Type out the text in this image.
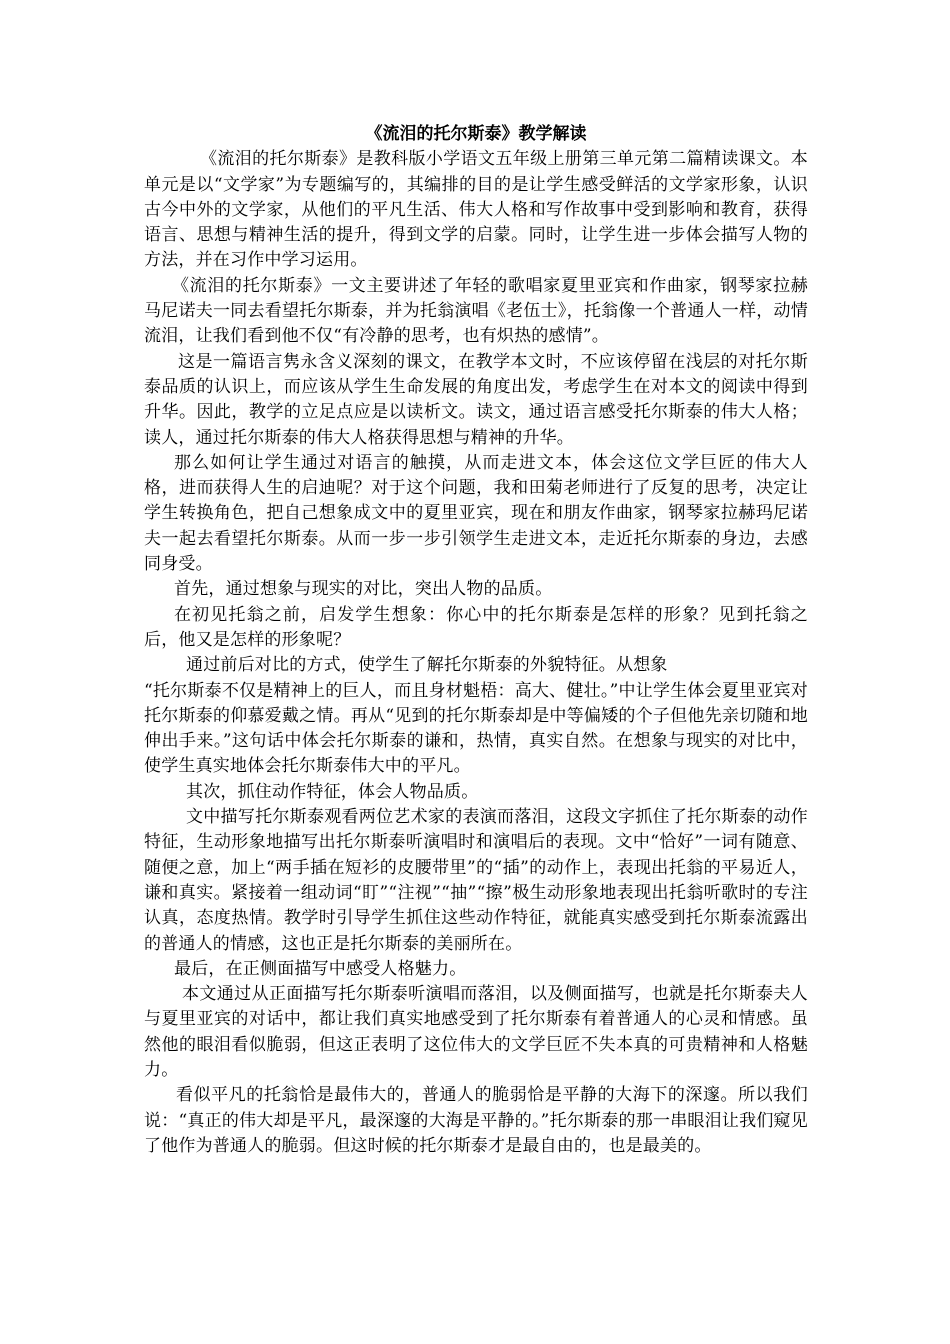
《流泪的托尔斯泰》教学解读

《流泪的托尔斯泰》是教科版小学语文五年级上册第三单元第二篇精读课文。本单元是以“文学家”为专题编写的，其编排的目的是让学生感受鲜活的文学家形象，认识古今中外的文学家，从他们的平凡生活、伟大人格和写作故事中受到影响和教育，获得语言、思想与精神生活的提升，得到文学的启蒙。同时，让学生进一步体会描写人物的方法，并在习作中学习运用。

《流泪的托尔斯泰》一文主要讲述了年轻的歌唱家夏里亚宾和作曲家，钢琴家拉赫马尼诺夫一同去看望托尔斯泰，并为托翁演唱《老伍士》，托翁像一个普通人一样，动情流泪，让我们看到他不仅“有冷静的思考，也有炽热的感情”。

这是一篇语言隽永含义深刻的课文，在教学本文时，不应该停留在浅层的对托尔斯泰品质的认识上，而应该从学生生命发展的角度出发，考虑学生在对本文的阅读中得到升华。因此，教学的立足点应是以读析文。读文，通过语言感受托尔斯泰的伟大人格；读人，通过托尔斯泰的伟大人格获得思想与精神的升华。

那么如何让学生通过对语言的触摸，从而走进文本，体会这位文学巨匠的伟大人格，进而获得人生的启迪呢？对于这个问题，我和田菊老师进行了反复的思考，决定让学生转换角色，把自己想象成文中的夏里亚宾，现在和朋友作曲家，钢琴家拉赫玛尼诺夫一起去看望托尔斯泰。从而一步一步引领学生走进文本，走近托尔斯泰的身边，去感同身受。

首先，通过想象与现实的对比，突出人物的品质。

在初见托翁之前，启发学生想象：你心中的托尔斯泰是怎样的形象？见到托翁之后，他又是怎样的形象呢？

通过前后对比的方式，使学生了解托尔斯泰的外貌特征。从想象

“托尔斯泰不仅是精神上的巨人，而且身材魁梧：高大、健壮。”中让学生体会夏里亚宾对托尔斯泰的仰慕爱戴之情。再从“见到的托尔斯泰却是中等偏矮的个子但他先亲切随和地伸出手来。”这句话中体会托尔斯泰的谦和，热情，真实自然。在想象与现实的对比中，使学生真实地体会托尔斯泰伟大中的平凡。

其次，抓住动作特征，体会人物品质。

文中描写托尔斯泰观看两位艺术家的表演而落泪，这段文字抓住了托尔斯泰的动作特征，生动形象地描写出托尔斯泰听演唱时和演唱后的表现。文中“恰好”一词有随意、随便之意，加上“两手插在短衫的皮腰带里”的“插”的动作上，表现出托翁的平易近人，谦和真实。紧接着一组动词“盯”“注视”“抽”“擦”极生动形象地表现出托翁听歌时的专注认真，态度热情。教学时引导学生抓住这些动作特征，就能真实感受到托尔斯泰流露出的普通人的情感，这也正是托尔斯泰的美丽所在。

最后，在正侧面描写中感受人格魅力。

本文通过从正面描写托尔斯泰听演唱而落泪，以及侧面描写，也就是托尔斯泰夫人与夏里亚宾的对话中，都让我们真实地感受到了托尔斯泰有着普通人的心灵和情感。虽然他的眼泪看似脆弱，但这正表明了这位伟大的文学巨匠不失本真的可贵精神和人格魅力。

看似平凡的托翁恰是最伟大的，普通人的脆弱恰是平静的大海下的深邃。所以我们说：“真正的伟大却是平凡，最深邃的大海是平静的。”托尔斯泰的那一串眼泪让我们窥见了他作为普通人的脆弱。但这时候的托尔斯泰才是最自由的，也是最美的。
